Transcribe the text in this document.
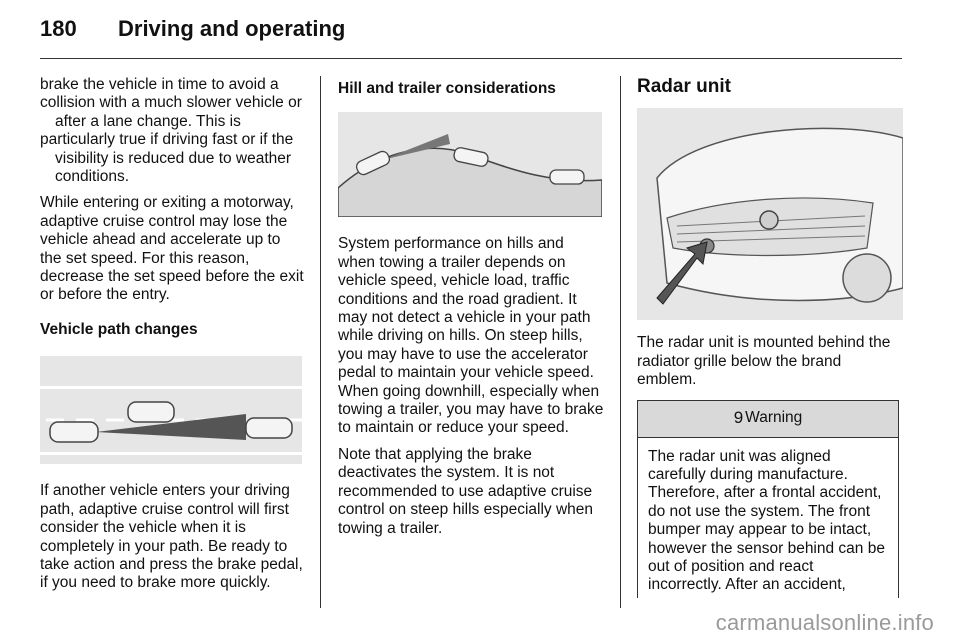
180 Driving and operating

brake the vehicle in time to avoid a collision with a much slower vehicle or
after a lane change. This is
particularly true if driving fast or if the
visibility is reduced due to weather
conditions.

While entering or exiting a motorway, adaptive cruise control may lose the vehicle ahead and accelerate up to the set speed. For this reason, decrease the set speed before the exit or before the entry.

Vehicle path changes

If another vehicle enters your driving path, adaptive cruise control will first consider the vehicle when it is completely in your path. Be ready to take action and press the brake pedal, if you need to brake more quickly.

Hill and trailer considerations

System performance on hills and when towing a trailer depends on vehicle speed, vehicle load, traffic conditions and the road gradient. It may not detect a vehicle in your path while driving on hills. On steep hills, you may have to use the accelerator pedal to maintain your vehicle speed. When going downhill, especially when towing a trailer, you may have to brake to maintain or reduce your speed.

Note that applying the brake deactivates the system. It is not recommended to use adaptive cruise control on steep hills especially when towing a trailer.

Radar unit

The radar unit is mounted behind the radiator grille below the brand emblem.

9 Warning
The radar unit was aligned carefully during manufacture. Therefore, after a frontal accident, do not use the system. The front bumper may appear to be intact, however the sensor behind can be out of position and react incorrectly. After an accident,
carmanualsonline.info
